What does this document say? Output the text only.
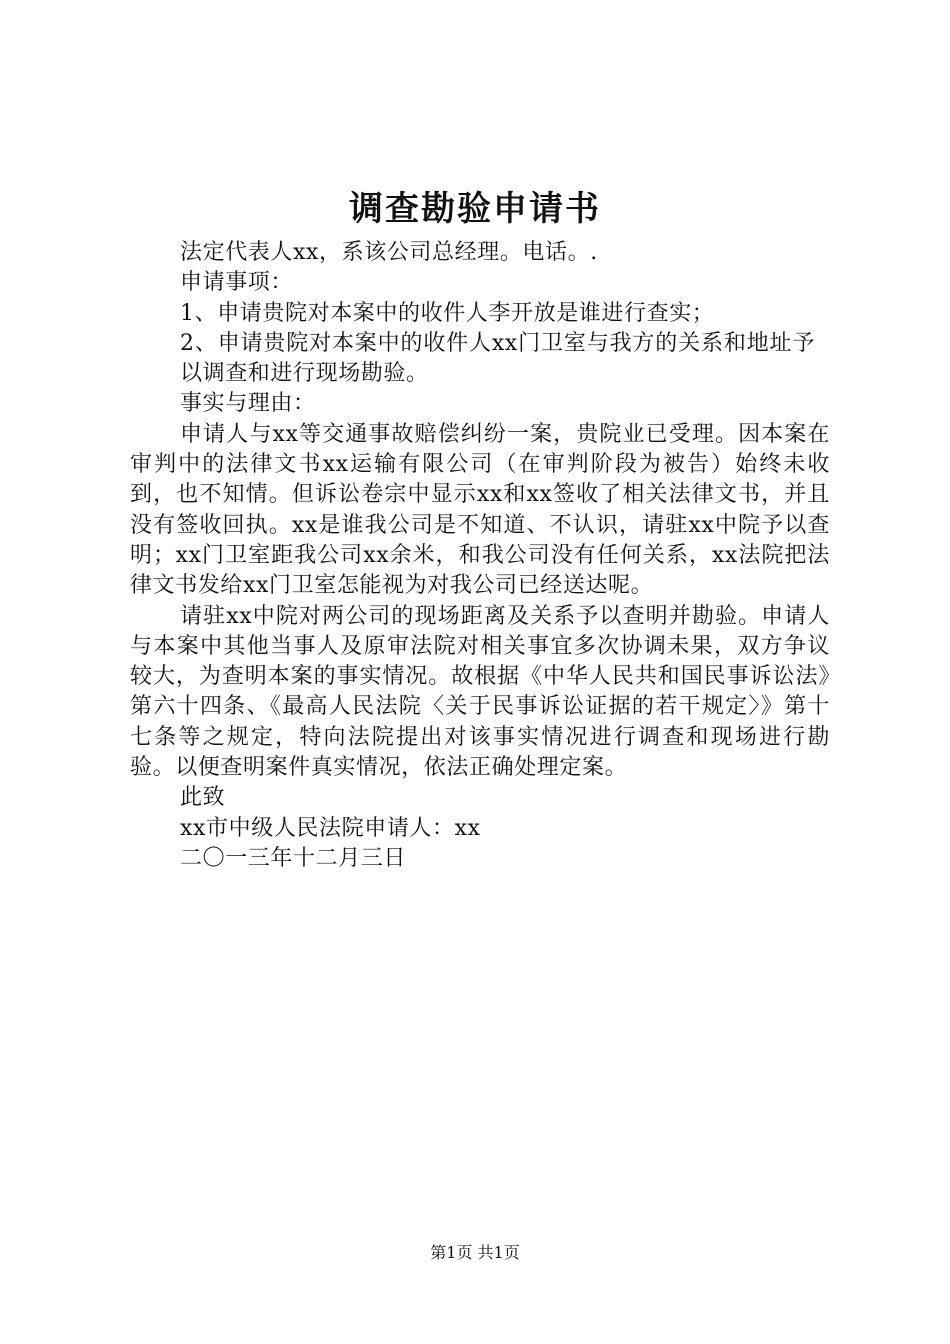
调查勘验申请书

法定代表人xx，系该公司总经理。电话。.

申请事项：

1、申请贵院对本案中的收件人李开放是谁进行查实；

2、申请贵院对本案中的收件人xx门卫室与我方的关系和地址予以调查和进行现场勘验。

事实与理由：

申请人与xx等交通事故赔偿纠纷一案，贵院业已受理。因本案在审判中的法律文书xx运输有限公司（在审判阶段为被告）始终未收到，也不知情。但诉讼卷宗中显示xx和xx签收了相关法律文书，并且没有签收回执。xx是谁我公司是不知道、不认识，请驻xx中院予以查明；xx门卫室距我公司xx余米，和我公司没有任何关系，xx法院把法律文书发给xx门卫室怎能视为对我公司已经送达呢。

请驻xx中院对两公司的现场距离及关系予以查明并勘验。申请人与本案中其他当事人及原审法院对相关事宜多次协调未果，双方争议较大，为查明本案的事实情况。故根据《中华人民共和国民事诉讼法》第六十四条、《最高人民法院〈关于民事诉讼证据的若干规定〉》第十七条等之规定，特向法院提出对该事实情况进行调查和现场进行勘验。以便查明案件真实情况，依法正确处理定案。

此致

xx市中级人民法院申请人：xx

二〇一三年十二月三日

第1页 共1页
